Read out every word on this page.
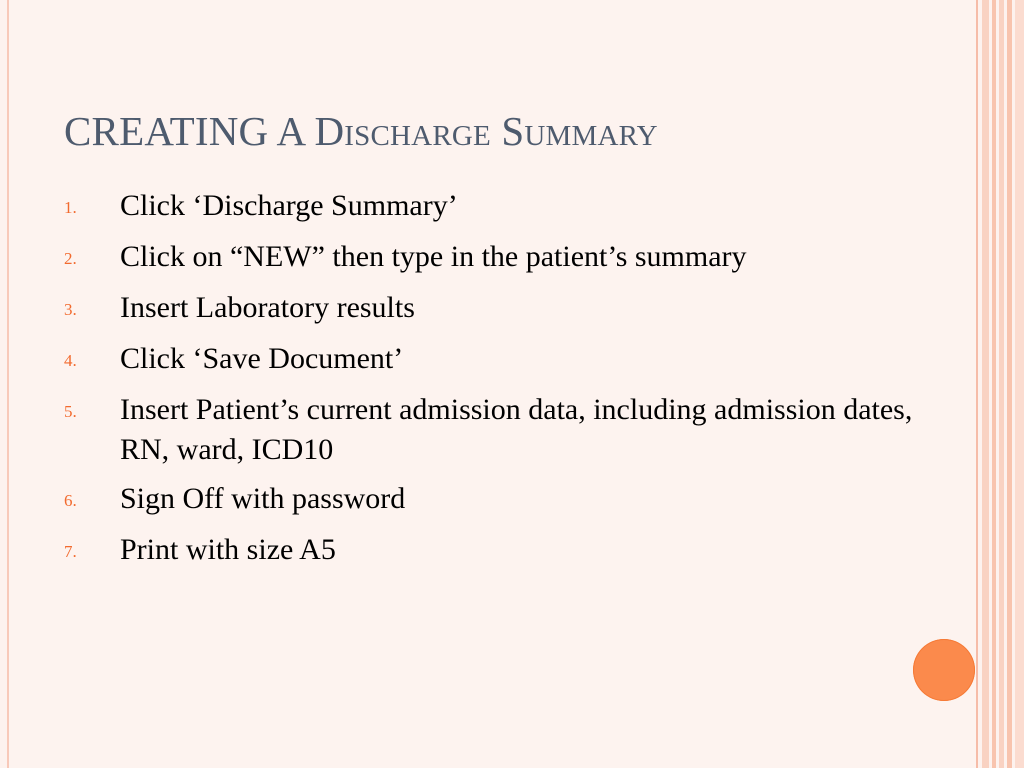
CREATING A Discharge Summary
1.	Click ‘Discharge Summary’
2.	Click on “NEW” then type in the patient’s summary
3.	Insert Laboratory results
4.	Click ‘Save Document’
5.	Insert Patient’s current admission data, including admission dates, RN, ward, ICD10
6.	Sign Off with password
7.	Print with size A5
